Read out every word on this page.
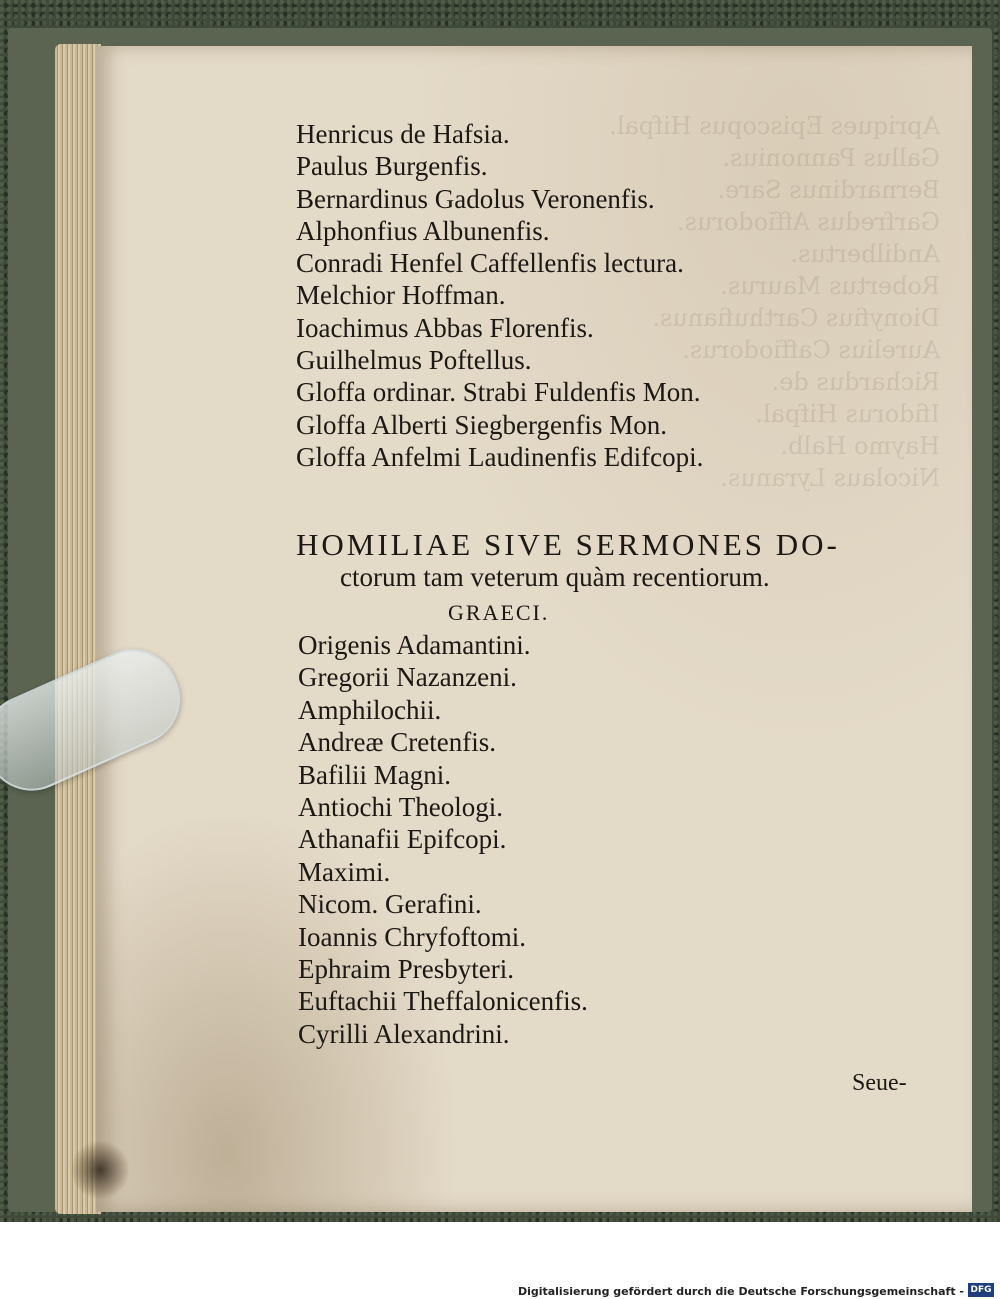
Apriques Episcopus Hifpal.
Gallus Pannonius.
Bernardinus Sare.
Garfredus Affiodorus.
Andilbertus.
Robertus Maurus.
Dionyfius Carthufianus.
Aurelius Caffiodorus.
Richardus de.
Ifidorus Hifpal.
Haymo Halb.
Nicolaus Lyranus.

Henricus de Hafsia.

Paulus Burgenfis.

Bernardinus Gadolus Veronenfis.

Alphonfius Albunenfis.

Conradi Henfel Caffellenfis lectura.

Melchior Hoffman.

Ioachimus Abbas Florenfis.

Guilhelmus Poftellus.

Gloffa ordinar. Strabi Fuldenfis Mon.

Gloffa Alberti Siegbergenfis Mon.

Gloffa Anfelmi Laudinenfis Edifcopi.

HOMILIAE SIVE SERMONES DO-
ctorum tam veterum quàm recentiorum.
GRAECI.

Origenis Adamantini.

Gregorii Nazanzeni.

Amphilochii.

Andreæ Cretenfis.

Bafilii Magni.

Antiochi Theologi.

Athanafii Epifcopi.

Maximi.

Nicom. Gerafini.

Ioannis Chryfoftomi.

Ephraim Presbyteri.

Euftachii Theffalonicenfis.

Cyrilli Alexandrini.

Seue-
Digitalisierung gefördert durch die Deutsche Forschungsgemeinschaft - DFG
